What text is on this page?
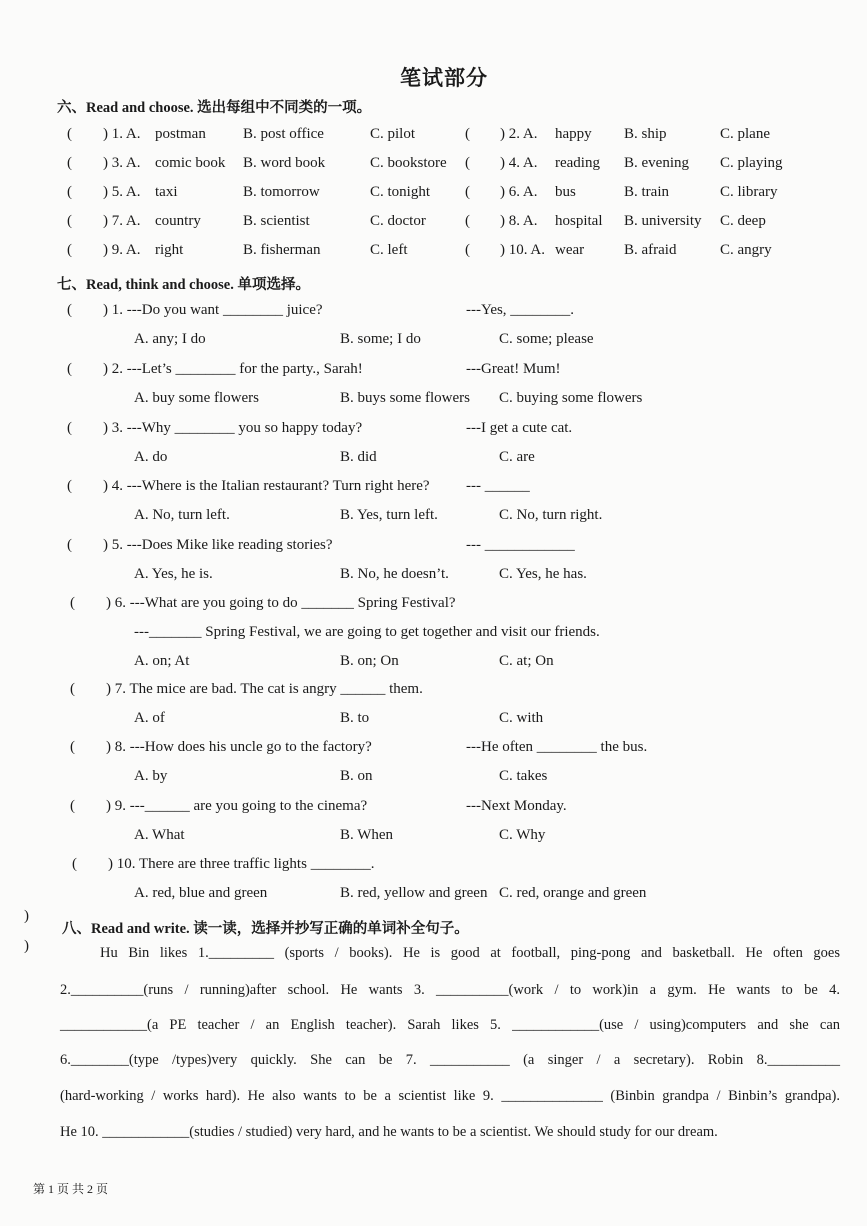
笔试部分
六、Read and choose. 选出每组中不同类的一项。
( ) 1. A. postman B. post office	C. pilot	( ) 2. A. happy B. ship	C. plane
( ) 3. A. comic book B. word book	C. bookstore ( ) 4. A. reading B. evening C. playing
( ) 5. A. taxi	B. tomorrow	C. tonight ( ) 6. A. bus	B. train	C. library
( ) 7. A. country	B. scientist	C. doctor	( ) 8. A. hospital B. university C. deep
( ) 9. A. right	B. fisherman	C. left	( ) 10. A. wear	B. afraid	C. angry
七、Read, think and choose. 单项选择。
( ) 1. ---Do you want ________ juice?	---Yes, ________.
A. any; I do	B. some; I do	C. some; please
( ) 2. ---Let’s ________ for the party., Sarah!	---Great! Mum!
A. buy some flowers	B. buys some flowers C. buying some flowers
( ) 3. ---Why ________ you so happy today?	---I get a cute cat.
A. do	B. did	C. are
( ) 4. ---Where is the Italian restaurant? Turn right here? --- ______
A. No, turn left.	B. Yes, turn left.	C. No, turn right.
( ) 5. ---Does Mike like reading stories?	--- ____________
A. Yes, he is.	B. No, he doesn’t.	C. Yes, he has.
( ) 6. ---What are you going to do _______ Spring Festival?
---_______ Spring Festival, we are going to get together and visit our friends.
A. on; At	B. on; On	C. at; On
( ) 7. The mice are bad. The cat is angry ______ them.
A. of	B. to	C. with
( ) 8. ---How does his uncle go to the factory?	---He often ________ the bus.
A. by	B. on	C. takes
( ) 9. ---______ are you going to the cinema?	---Next Monday.
A. What	B. When	C. Why
( ) 10. There are three traffic lights ________.
A. red, blue and green	B. red, yellow and green C. red, orange and green
)
)
八、Read and write. 读一读，选择并抄写正确的单词补全句子。
Hu Bin likes 1._________ (sports / books). He is good at football, ping-pong and basketball. He often goes
2.__________(runs / running)after school. He wants 3. __________(work / to work)in a gym. He wants to be 4.
____________(a PE teacher / an English teacher). Sarah likes 5. ____________(use / using)computers and she can
6.________(type /types)very quickly. She can be 7. ___________ (a singer / a secretary). Robin 8.__________
(hard-working / works hard). He also wants to be a scientist like 9. ______________ (Binbin grandpa / Binbin’s grandpa).
He 10. ____________(studies / studied) very hard, and he wants to be a scientist. We should study for our dream.
第 1 页 共 2 页
